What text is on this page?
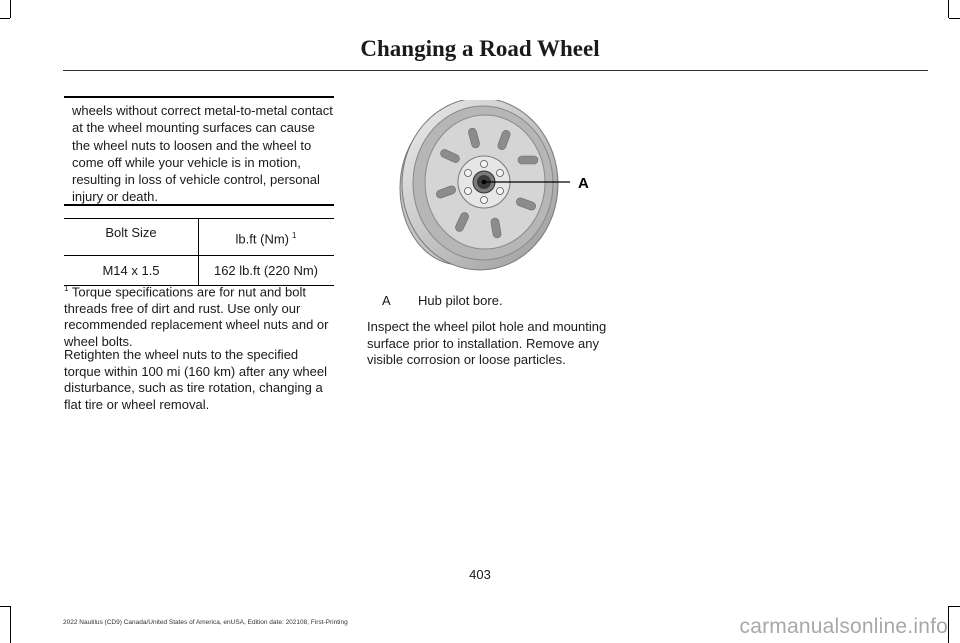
Changing a Road Wheel
wheels without correct metal-to-metal contact at the wheel mounting surfaces can cause the wheel nuts to loosen and the wheel to come off while your vehicle is in motion, resulting in loss of vehicle control, personal injury or death.
Bolt Size	lb.ft (Nm) $^1$
M14 x 1.5	162 lb.ft (220 Nm)
$^1$ Torque specifications are for nut and bolt threads free of dirt and rust. Use only our recommended replacement wheel nuts and or wheel bolts.
Retighten the wheel nuts to the specified torque within 100 mi (160 km) after any wheel disturbance, such as tire rotation, changing a flat tire or wheel removal.
A
A Hub pilot bore.
Inspect the wheel pilot hole and mounting surface prior to installation. Remove any visible corrosion or loose particles.
403
2022 Nautilus (CD9) Canada/United States of America, enUSA, Edition date: 202108, First-Printing	carmanualsonline.info
